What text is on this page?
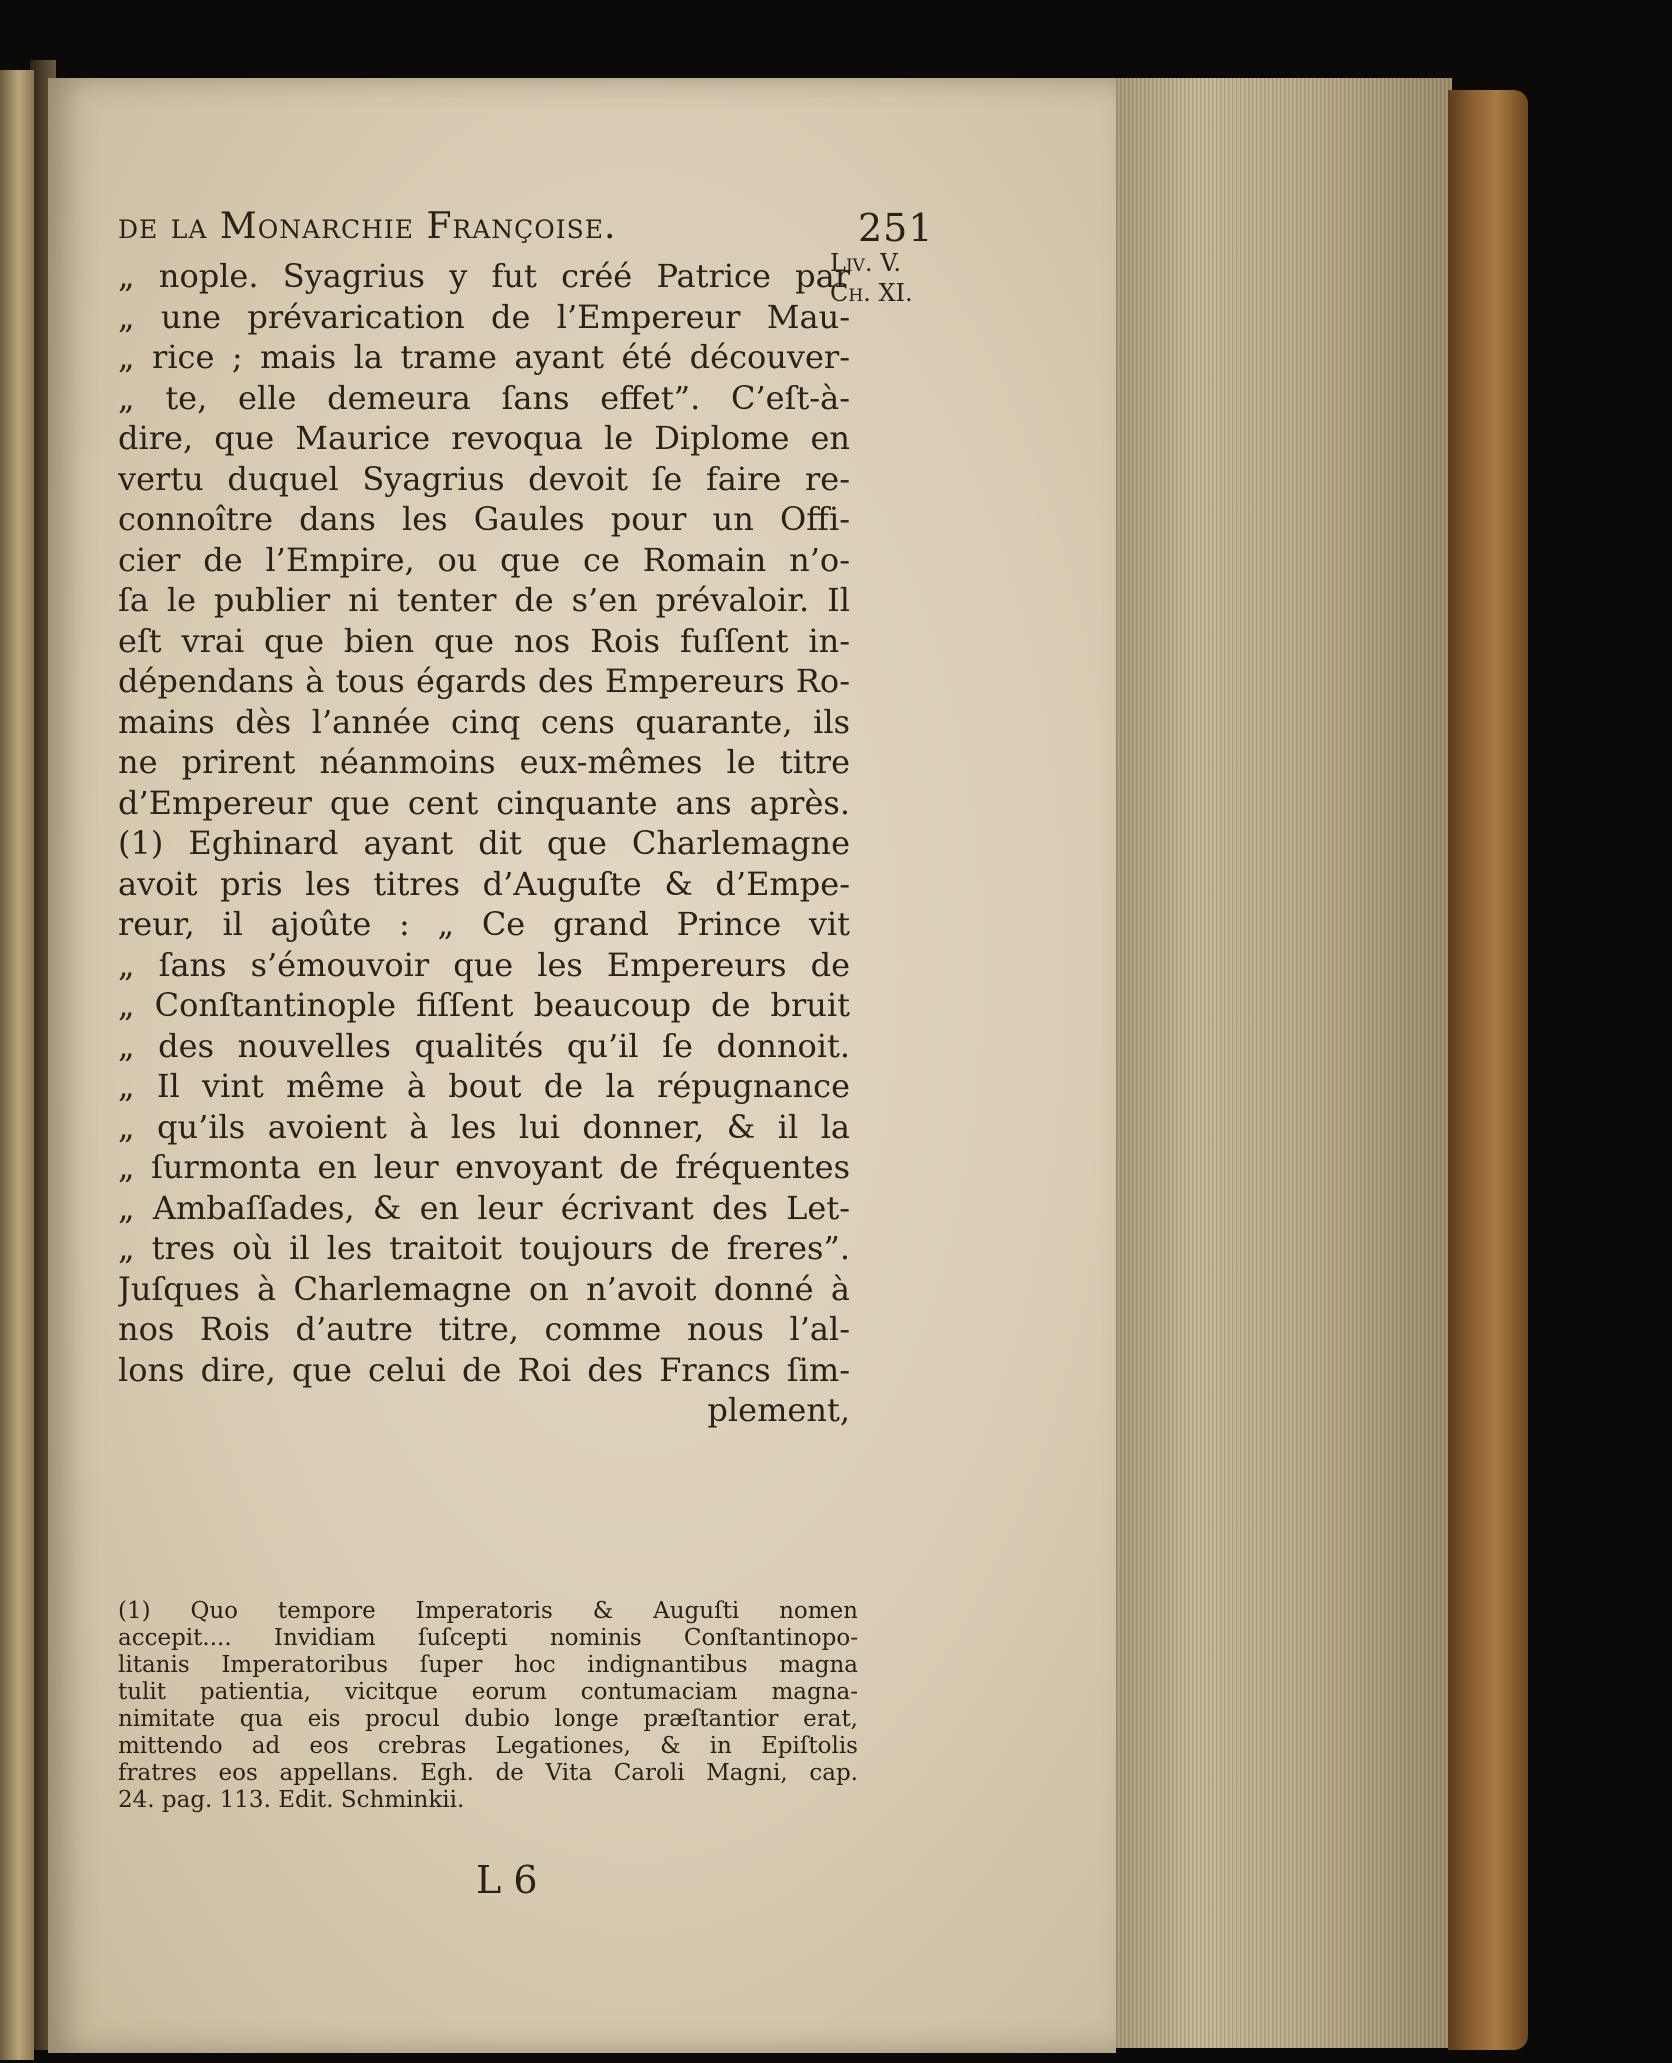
de la Monarchie Françoise.	251
Liv. V.
Ch. XI.
„ nople. Syagrius y fut créé Patrice par
„ une prévarication de l’Empereur Mau-
„ rice ; mais la trame ayant été découver-
„ te, elle demeura ſans effet”. C’eſt-à-
dire, que Maurice revoqua le Diplome en
vertu duquel Syagrius devoit ſe faire re-
connoître dans les Gaules pour un Offi-
cier de l’Empire, ou que ce Romain n’o-
ſa le publier ni tenter de s’en prévaloir. Il
eſt vrai que bien que nos Rois fuſſent in-
dépendans à tous égards des Empereurs Ro-
mains dès l’année cinq cens quarante, ils
ne prirent néanmoins eux-mêmes le titre
d’Empereur que cent cinquante ans après.
(1) Eghinard ayant dit que Charlemagne
avoit pris les titres d’Auguſte & d’Empe-
reur, il ajoûte : „ Ce grand Prince vit
„ ſans s’émouvoir que les Empereurs de
„ Conſtantinople fiſſent beaucoup de bruit
„ des nouvelles qualités qu’il ſe donnoit.
„ Il vint même à bout de la répugnance
„ qu’ils avoient à les lui donner, & il la
„ ſurmonta en leur envoyant de fréquentes
„ Ambaſſades, & en leur écrivant des Let-
„ tres où il les traitoit toujours de freres”.
Juſques à Charlemagne on n’avoit donné à
nos Rois d’autre titre, comme nous l’al-
lons dire, que celui de Roi des Francs ſim-
plement,
(1) Quo tempore Imperatoris & Auguſti nomen
accepit.... Invidiam ſuſcepti nominis Conſtantinopo-
litanis Imperatoribus ſuper hoc indignantibus magna
tulit patientia, vicitque eorum contumaciam magna-
nimitate qua eis procul dubio longe præſtantior erat,
mittendo ad eos crebras Legationes, & in Epiſtolis
fratres eos appellans. Egh. de Vita Caroli Magni, cap.
24. pag. 113. Edit. Schminkii.
L 6
